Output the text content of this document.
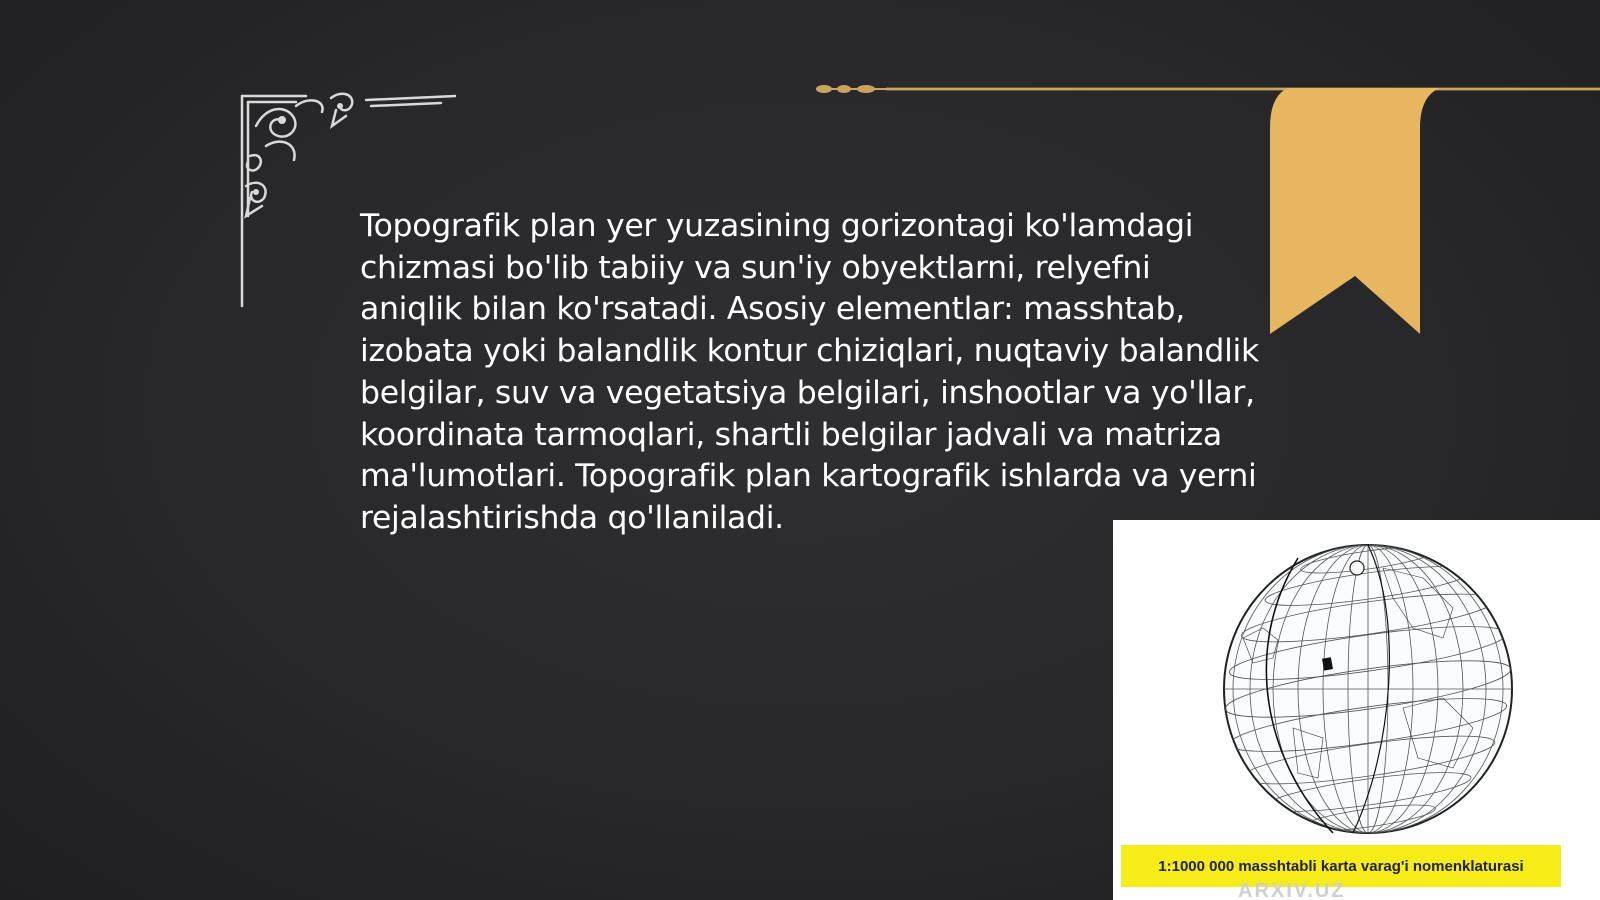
Topografik plan yer yuzasining gorizontagi ko'lamdagi chizmasi bo'lib tabiiy va sun'iy obyektlarni, relyefni aniqlik bilan ko'rsatadi. Asosiy elementlar: masshtab, izobata yoki balandlik kontur chiziqlari, nuqtaviy balandlik belgilar, suv va vegetatsiya belgilari, inshootlar va yo'llar, koordinata tarmoqlari, shartli belgilar jadvali va matriza ma'lumotlari. Topografik plan kartografik ishlarda va yerni rejalashtirishda qo'llaniladi.

1:1000 000 masshtabli karta varag'i nomenklaturasi
ARXIV.UZ
